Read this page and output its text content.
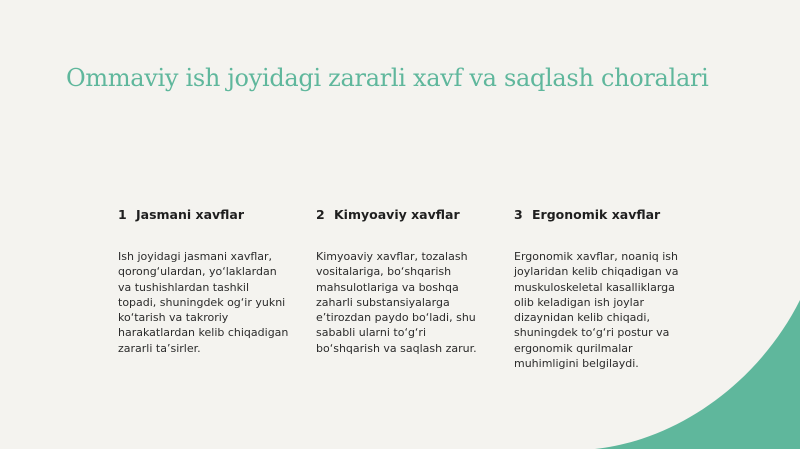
Ommaviy ish joyidagi zararli xavf va saqlash choralari
1 Jasmani xavflar

Ish joyidagi jasmani xavflar, qorong‘ulardan, yo‘laklardan va tushishlardan tashkil topadi, shuningdek og‘ir yukni ko‘tarish va takroriy harakatlardan kelib chiqadigan zararli ta’sirler.

2 Kimyoaviy xavflar

Kimyoaviy xavflar, tozalash vositalariga, bo‘shqarish mahsulotlariga va boshqa zaharli substansiyalarga e’tirozdan paydo bo‘ladi, shu sababli ularni to‘g‘ri bo‘shqarish va saqlash zarur.

3 Ergonomik xavflar

Ergonomik xavflar, noaniq ish joylaridan kelib chiqadigan va muskuloskeletal kasalliklarga olib keladigan ish joylar dizaynidan kelib chiqadi, shuningdek to‘g‘ri postur va ergonomik qurilmalar muhimligini belgilaydi.
